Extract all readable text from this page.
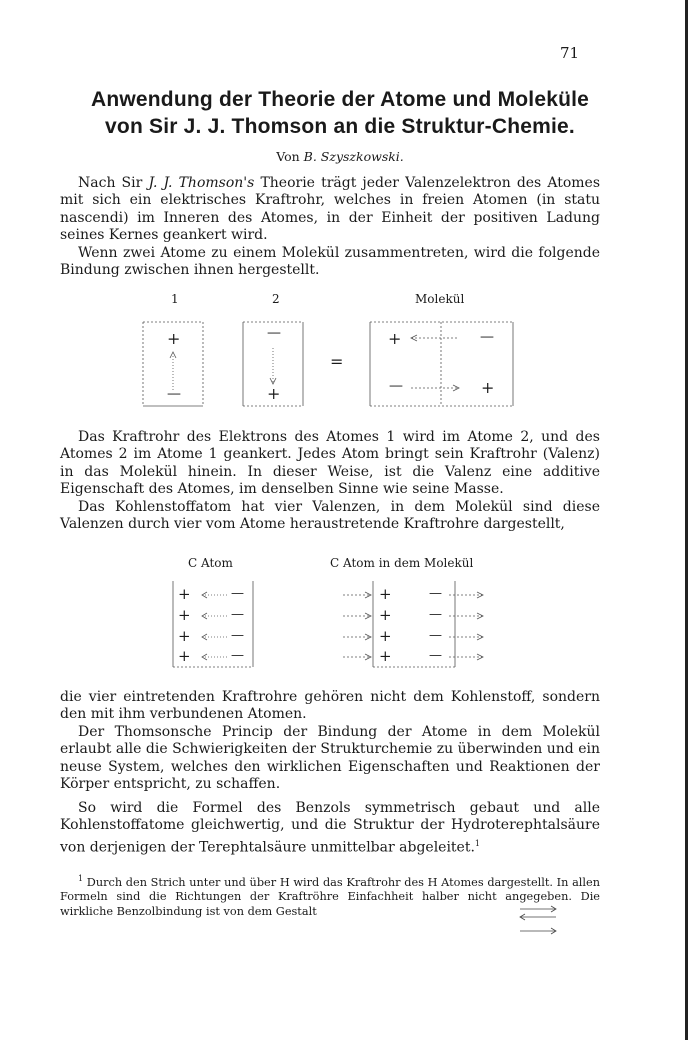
71
Anwendung der Theorie der Atome und Moleküle
von Sir J. J. Thomson an die Struktur-Chemie.
Von B. Szyszkowski.
Nach Sir J. J. Thomson's Theorie trägt jeder Valenzelektron des Atomes mit sich ein elektrisches Kraftrohr, welches in freien Atomen (in statu nascendi) im Inneren des Atomes, in der Einheit der positiven Ladung seines Kernes geankert wird.
Wenn zwei Atome zu einem Molekül zusammentreten, wird die folgende Bindung zwischen ihnen hergestellt.
1	2	Molekül
+
—
—
+
=
+
—
—
+
Das Kraftrohr des Elektrons des Atomes 1 wird im Atome 2, und des Atomes 2 im Atome 1 geankert. Jedes Atom bringt sein Kraftrohr (Valenz) in das Molekül hinein. In dieser Weise, ist die Valenz eine additive Eigenschaft des Atomes, im denselben Sinne wie seine Masse.
Das Kohlenstoffatom hat vier Valenzen, in dem Molekül sind diese Valenzen durch vier vom Atome heraustretende Kraftrohre dargestellt,
C Atom	C Atom in dem Molekül
+	—
+	—
+	—
+	—
+	—
+	—
+	—
+	—
die vier eintretenden Kraftrohre gehören nicht dem Kohlenstoff, sondern den mit ihm verbundenen Atomen.
Der Thomsonsche Princip der Bindung der Atome in dem Molekül erlaubt alle die Schwierigkeiten der Strukturchemie zu überwinden und ein neuse System, welches den wirklichen Eigenschaften und Reaktionen der Körper entspricht, zu schaffen.
So wird die Formel des Benzols symmetrisch gebaut und alle Kohlenstoffatome gleichwertig, und die Struktur der Hydroterephtalsäure von derjenigen der Terephtalsäure unmittelbar abgeleitet.$^1$
$^1$ Durch den Strich unter und über H wird das Kraftrohr des H Atomes dargestellt. In allen Formeln sind die Richtungen der Kraftröhre Einfachheit halber nicht angegeben. Die wirkliche Benzolbindung ist von dem Gestalt
